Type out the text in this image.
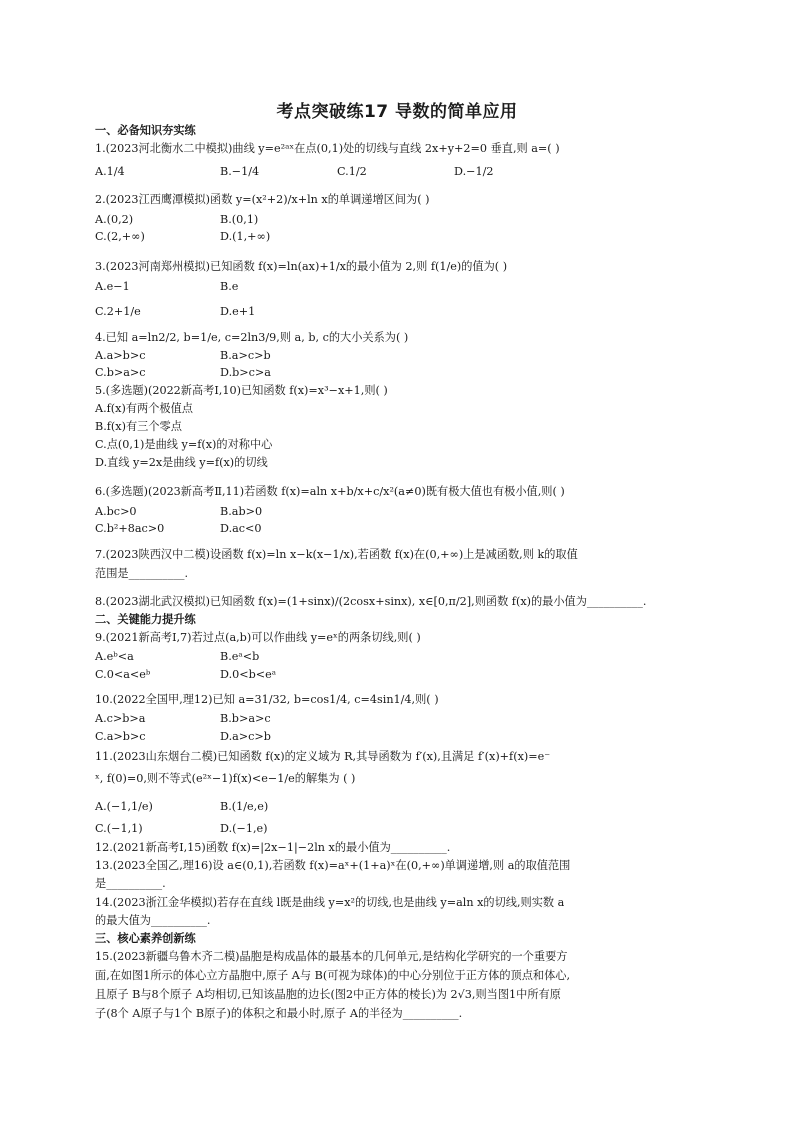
考点突破练17 导数的简单应用
一、必备知识夯实练
1.(2023河北衡水二中模拟)曲线 y=e²ᵃˣ在点(0,1)处的切线与直线 2x+y+2=0 垂直,则 a=( )
A.1/4	B.−1/4	C.1/2	D.−1/2
2.(2023江西鹰潭模拟)函数 y=(x²+2)/x+ln x的单调递增区间为( )
A.(0,2)	B.(0,1)
C.(2,+∞)	D.(1,+∞)
3.(2023河南郑州模拟)已知函数 f(x)=ln(ax)+1/x的最小值为 2,则 f(1/e)的值为( )
A.e−1	B.e
C.2+1/e	D.e+1
4.已知 a=ln2/2, b=1/e, c=2ln3/9,则 a, b, c的大小关系为( )
A.a>b>c	B.a>c>b
C.b>a>c	D.b>c>a
5.(多选题)(2022新高考Ⅰ,10)已知函数 f(x)=x³−x+1,则( )
A.f(x)有两个极值点
B.f(x)有三个零点
C.点(0,1)是曲线 y=f(x)的对称中心
D.直线 y=2x是曲线 y=f(x)的切线
6.(多选题)(2023新高考Ⅱ,11)若函数 f(x)=aln x+b/x+c/x²(a≠0)既有极大值也有极小值,则( )
A.bc>0	B.ab>0
C.b²+8ac>0	D.ac<0
7.(2023陕西汉中二模)设函数 f(x)=ln x−k(x−1/x),若函数 f(x)在(0,+∞)上是减函数,则 k的取值
范围是__________.
8.(2023湖北武汉模拟)已知函数 f(x)=(1+sinx)/(2cosx+sinx), x∈[0,π/2],则函数 f(x)的最小值为__________.
二、关键能力提升练
9.(2021新高考Ⅰ,7)若过点(a,b)可以作曲线 y=eˣ的两条切线,则( )
A.eᵇ<a	B.eᵃ<b
C.0<a<eᵇ	D.0<b<eᵃ
10.(2022全国甲,理12)已知 a=31/32, b=cos1/4, c=4sin1/4,则( )
A.c>b>a	B.b>a>c
C.a>b>c	D.a>c>b
11.(2023山东烟台二模)已知函数 f(x)的定义域为 R,其导函数为 f′(x),且满足 f′(x)+f(x)=e⁻
ˣ, f(0)=0,则不等式(e²ˣ−1)f(x)<e−1/e的解集为 ( )
A.(−1,1/e)	B.(1/e,e)
C.(−1,1)	D.(−1,e)
12.(2021新高考Ⅰ,15)函数 f(x)=|2x−1|−2ln x的最小值为__________.
13.(2023全国乙,理16)设 a∈(0,1),若函数 f(x)=aˣ+(1+a)ˣ在(0,+∞)单调递增,则 a的取值范围
是__________.
14.(2023浙江金华模拟)若存在直线 l既是曲线 y=x²的切线,也是曲线 y=aln x的切线,则实数 a
的最大值为__________.
三、核心素养创新练
15.(2023新疆乌鲁木齐二模)晶胞是构成晶体的最基本的几何单元,是结构化学研究的一个重要方
面,在如图1所示的体心立方晶胞中,原子 A与 B(可视为球体)的中心分别位于正方体的顶点和体心,
且原子 B与8个原子 A均相切,已知该晶胞的边长(图2中正方体的棱长)为 2√3,则当图1中所有原
子(8个 A原子与1个 B原子)的体积之和最小时,原子 A的半径为__________.
